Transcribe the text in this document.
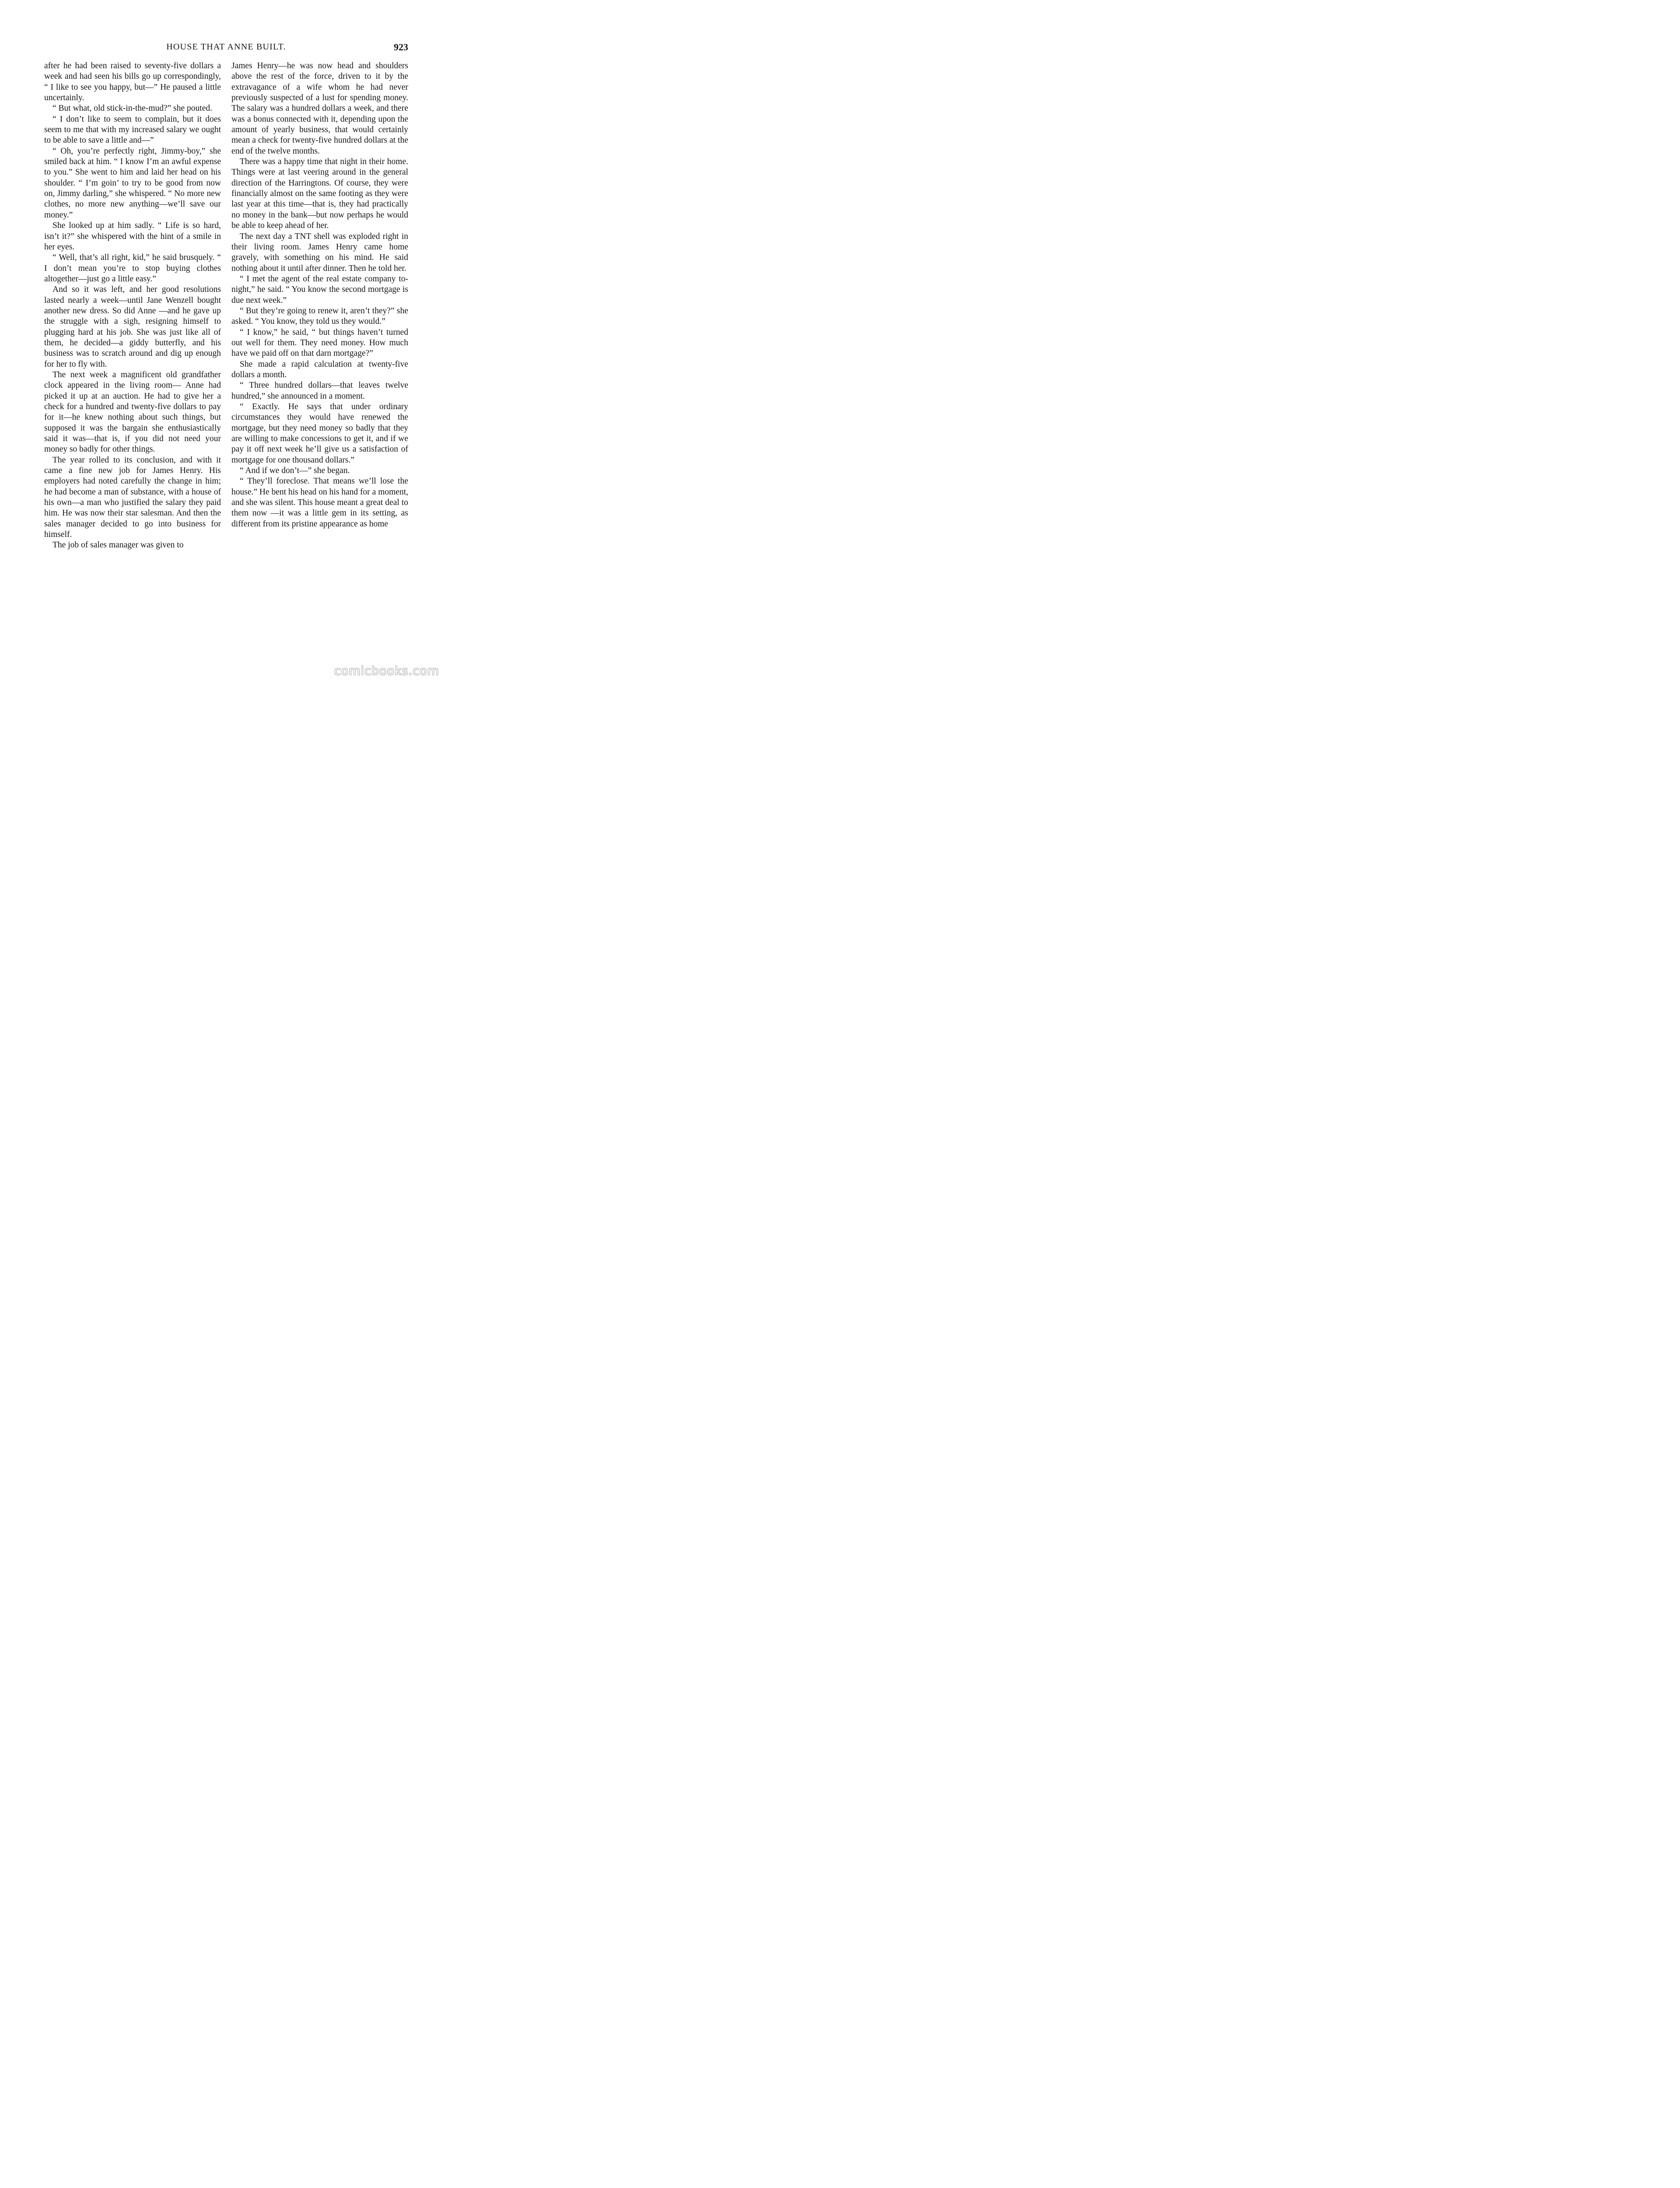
HOUSE THAT ANNE BUILT.	923

after he had been raised to seventy-five dollars a week and had seen his bills go up correspondingly, “ I like to see you happy, but—” He paused a little uncertainly.

“ But what, old stick-in-the-mud?” she pouted.

“ I don’t like to seem to complain, but it does seem to me that with my increased salary we ought to be able to save a little and—”

“ Oh, you’re perfectly right, Jimmy-boy,” she smiled back at him. “ I know I’m an awful expense to you.” She went to him and laid her head on his shoulder. “ I’m goin’ to try to be good from now on, Jimmy darling,” she whispered. “ No more new clothes, no more new anything—we’ll save our money.”

She looked up at him sadly. “ Life is so hard, isn’t it?” she whispered with the hint of a smile in her eyes.

“ Well, that’s all right, kid,” he said brusquely. “ I don’t mean you’re to stop buying clothes altogether—just go a little easy.”

And so it was left, and her good resolutions lasted nearly a week—until Jane Wenzell bought another new dress. So did Anne —and he gave up the struggle with a sigh, resigning himself to plugging hard at his job. She was just like all of them, he decided—a giddy butterfly, and his business was to scratch around and dig up enough for her to fly with.

The next week a magnificent old grandfather clock appeared in the living room— Anne had picked it up at an auction. He had to give her a check for a hundred and twenty-five dollars to pay for it—he knew nothing about such things, but supposed it was the bargain she enthusiastically said it was—that is, if you did not need your money so badly for other things.

The year rolled to its conclusion, and with it came a fine new job for James Henry. His employers had noted carefully the change in him; he had become a man of substance, with a house of his own—a man who justified the salary they paid him. He was now their star salesman. And then the sales manager decided to go into business for himself.

The job of sales manager was given to

James Henry—he was now head and shoulders above the rest of the force, driven to it by the extravagance of a wife whom he had never previously suspected of a lust for spending money. The salary was a hundred dollars a week, and there was a bonus connected with it, depending upon the amount of yearly business, that would certainly mean a check for twenty-five hundred dollars at the end of the twelve months.

There was a happy time that night in their home. Things were at last veering around in the general direction of the Harringtons. Of course, they were financially almost on the same footing as they were last year at this time—that is, they had practically no money in the bank—but now perhaps he would be able to keep ahead of her.

The next day a TNT shell was exploded right in their living room. James Henry came home gravely, with something on his mind. He said nothing about it until after dinner. Then he told her.

“ I met the agent of the real estate company to-night,” he said. “ You know the second mortgage is due next week.”

“ But they’re going to renew it, aren’t they?” she asked. “ You know, they told us they would.”

“ I know,” he said, “ but things haven’t turned out well for them. They need money. How much have we paid off on that darn mortgage?”

She made a rapid calculation at twenty-five dollars a month.

“ Three hundred dollars—that leaves twelve hundred,” she announced in a moment.

“ Exactly. He says that under ordinary circumstances they would have renewed the mortgage, but they need money so badly that they are willing to make concessions to get it, and if we pay it off next week he’ll give us a satisfaction of mortgage for one thousand dollars.”

“ And if we don’t—” she began.

“ They’ll foreclose. That means we’ll lose the house.” He bent his head on his hand for a moment, and she was silent. This house meant a great deal to them now —it was a little gem in its setting, as different from its pristine appearance as home

comicbooks.com
